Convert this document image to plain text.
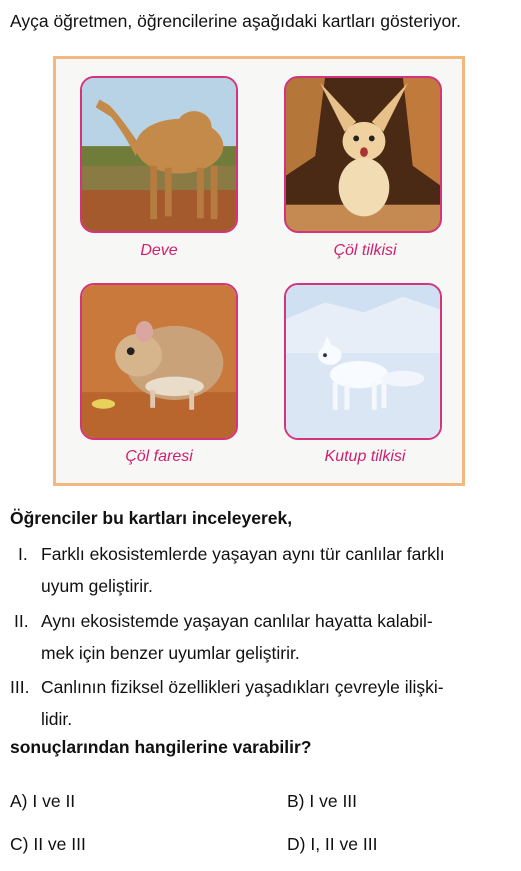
Ayça öğretmen, öğrencilerine aşağıdaki kartları gösteriyor.
Deve	Çöl tilkisi
Çöl faresi	Kutup tilkisi
Öğrenciler bu kartları inceleyerek,
I. Farklı ekosistemlerde yaşayan aynı tür canlılar farklı
uyum geliştirir.
II. Aynı ekosistemde yaşayan canlılar hayatta kalabil-
mek için benzer uyumlar geliştirir.
III. Canlının fiziksel özellikleri yaşadıkları çevreyle ilişki-
lidir.
sonuçlarından hangilerine varabilir?
A) I ve II	B) I ve III
C) II ve III	D) I, II ve III
